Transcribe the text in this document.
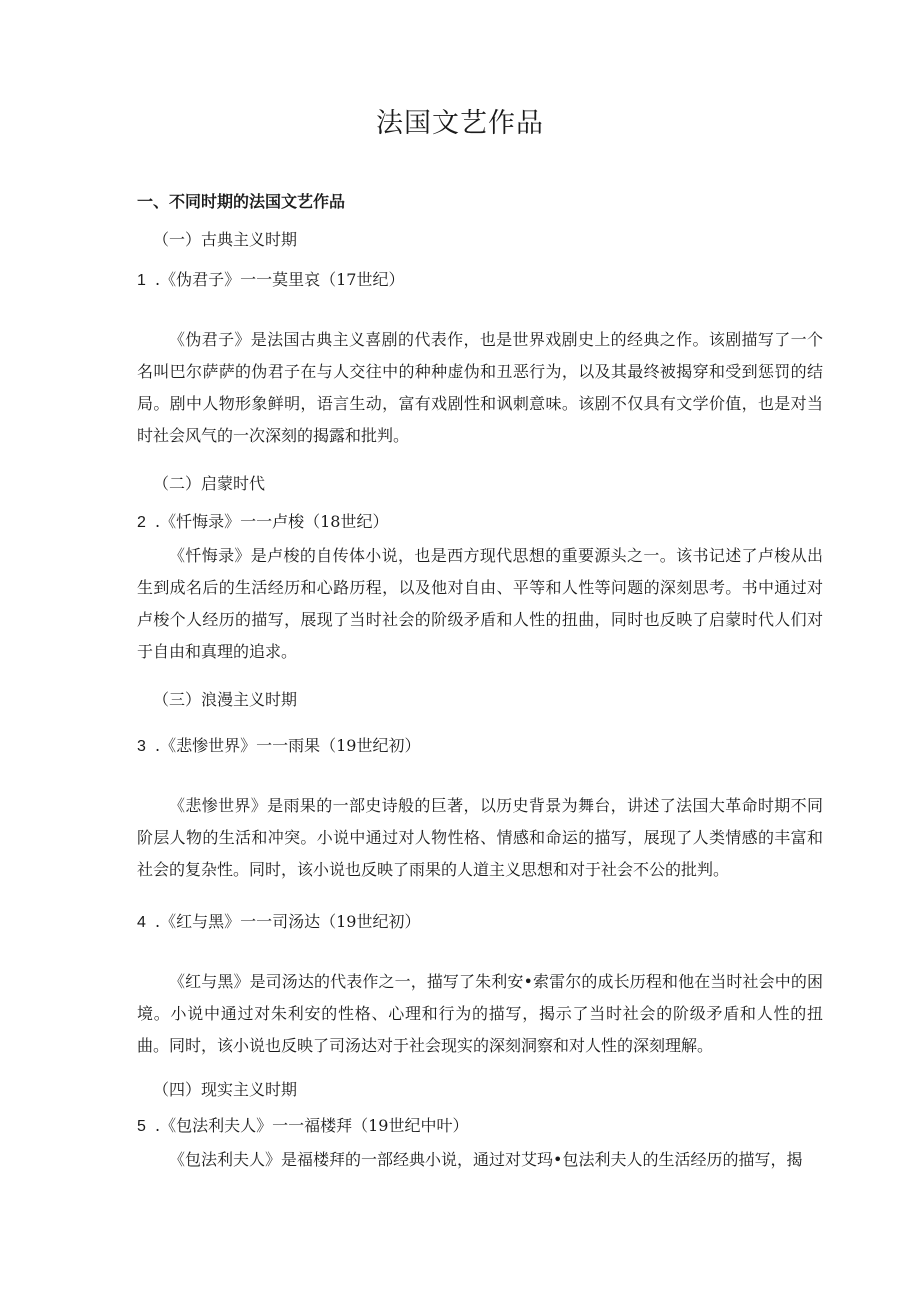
法国文艺作品

一、不同时期的法国文艺作品

（一）古典主义时期

1 .《伪君子》一一莫里哀（17世纪）

《伪君子》是法国古典主义喜剧的代表作，也是世界戏剧史上的经典之作。该剧描写了一个名叫巴尔萨萨的伪君子在与人交往中的种种虚伪和丑恶行为，以及其最终被揭穿和受到惩罚的结局。剧中人物形象鲜明，语言生动，富有戏剧性和讽刺意味。该剧不仅具有文学价值，也是对当时社会风气的一次深刻的揭露和批判。

（二）启蒙时代

2 .《忏悔录》一一卢梭（18世纪）

《忏悔录》是卢梭的自传体小说，也是西方现代思想的重要源头之一。该书记述了卢梭从出生到成名后的生活经历和心路历程，以及他对自由、平等和人性等问题的深刻思考。书中通过对卢梭个人经历的描写，展现了当时社会的阶级矛盾和人性的扭曲，同时也反映了启蒙时代人们对于自由和真理的追求。

（三）浪漫主义时期

3 .《悲惨世界》一一雨果（19世纪初）

《悲惨世界》是雨果的一部史诗般的巨著，以历史背景为舞台，讲述了法国大革命时期不同阶层人物的生活和冲突。小说中通过对人物性格、情感和命运的描写，展现了人类情感的丰富和社会的复杂性。同时，该小说也反映了雨果的人道主义思想和对于社会不公的批判。

4 .《红与黑》一一司汤达（19世纪初）

《红与黑》是司汤达的代表作之一，描写了朱利安•索雷尔的成长历程和他在当时社会中的困境。小说中通过对朱利安的性格、心理和行为的描写，揭示了当时社会的阶级矛盾和人性的扭曲。同时，该小说也反映了司汤达对于社会现实的深刻洞察和对人性的深刻理解。

（四）现实主义时期

5 .《包法利夫人》一一福楼拜（19世纪中叶）

《包法利夫人》是福楼拜的一部经典小说，通过对艾玛•包法利夫人的生活经历的描写，揭
